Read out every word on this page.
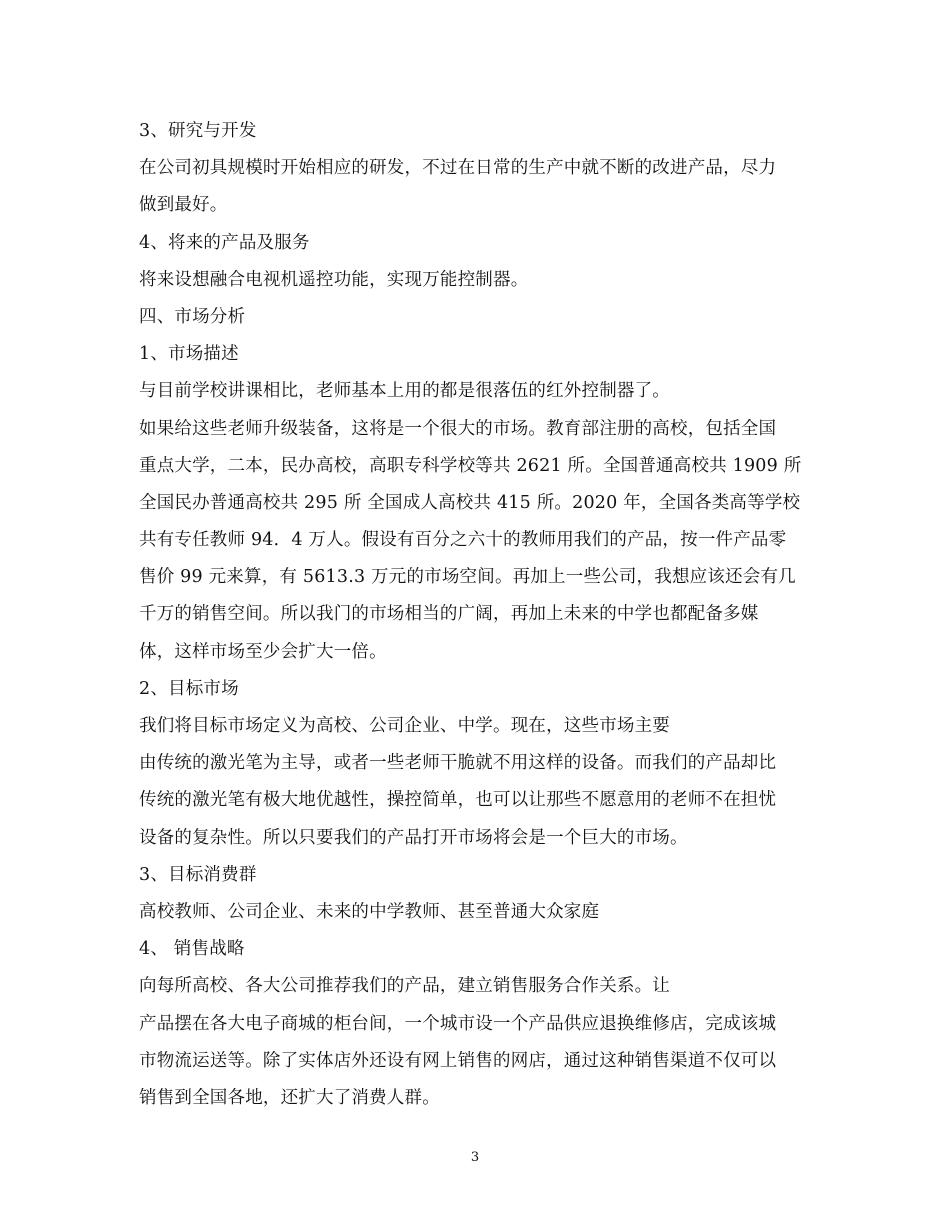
3、研究与开发
在公司初具规模时开始相应的研发，不过在日常的生产中就不断的改进产品，尽力
做到最好。
4、将来的产品及服务
将来设想融合电视机遥控功能，实现万能控制器。
四、市场分析
1、市场描述
与目前学校讲课相比，老师基本上用的都是很落伍的红外控制器了。
如果给这些老师升级装备，这将是一个很大的市场。教育部注册的高校，包括全国
重点大学，二本，民办高校，高职专科学校等共 2621 所。全国普通高校共 1909 所
全国民办普通高校共 295 所 全国成人高校共 415 所。2020 年，全国各类高等学校
共有专任教师 94．4 万人。假设有百分之六十的教师用我们的产品，按一件产品零
售价 99 元来算，有 5613.3 万元的市场空间。再加上一些公司，我想应该还会有几
千万的销售空间。所以我门的市场相当的广阔，再加上未来的中学也都配备多媒
体，这样市场至少会扩大一倍。
2、目标市场
我们将目标市场定义为高校、公司企业、中学。现在，这些市场主要
由传统的激光笔为主导，或者一些老师干脆就不用这样的设备。而我们的产品却比
传统的激光笔有极大地优越性，操控简单，也可以让那些不愿意用的老师不在担忧
设备的复杂性。所以只要我们的产品打开市场将会是一个巨大的市场。
3、目标消费群
高校教师、公司企业、未来的中学教师、甚至普通大众家庭
4、 销售战略
向每所高校、各大公司推荐我们的产品，建立销售服务合作关系。让
产品摆在各大电子商城的柜台间，一个城市设一个产品供应退换维修店，完成该城
市物流运送等。除了实体店外还设有网上销售的网店，通过这种销售渠道不仅可以
销售到全国各地，还扩大了消费人群。
3
